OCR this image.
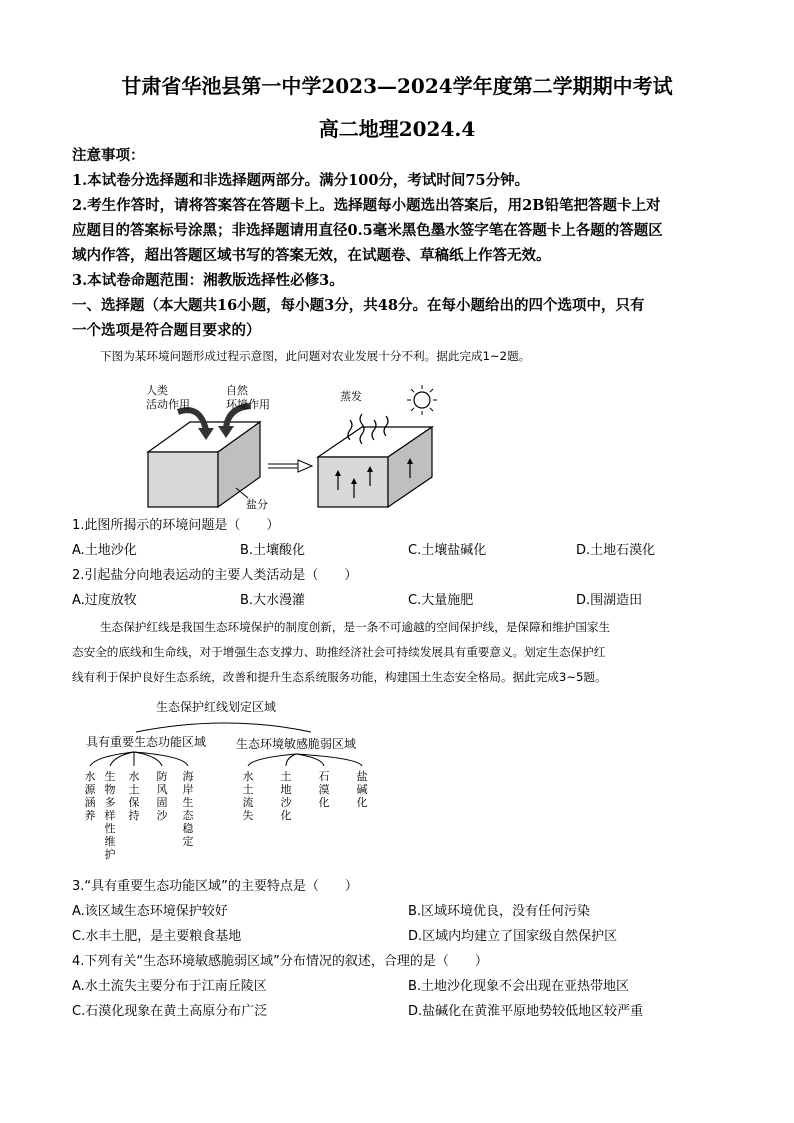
甘肃省华池县第一中学2023—2024学年度第二学期期中考试
高二地理2024.4
注意事项：
1.本试卷分选择题和非选择题两部分。满分100分，考试时间75分钟。
2.考生作答时，请将答案答在答题卡上。选择题每小题选出答案后，用2B铅笔把答题卡上对
应题目的答案标号涂黑；非选择题请用直径0.5毫米黑色墨水签字笔在答题卡上各题的答题区
域内作答，超出答题区域书写的答案无效，在试题卷、草稿纸上作答无效。
3.本试卷命题范围：湘教版选择性必修3。
一、选择题（本大题共16小题，每小题3分，共48分。在每小题给出的四个选项中，只有
一个选项是符合题目要求的）
下图为某环境问题形成过程示意图，此问题对农业发展十分不利。据此完成1~2题。
人类
活动作用
自然
环境作用
盐分
蒸发
1.此图所揭示的环境问题是（　　）
A.土地沙化	B.土壤酸化	C.土壤盐碱化	D.土地石漠化
2.引起盐分向地表运动的主要人类活动是（　　）
A.过度放牧	B.大水漫灌	C.大量施肥	D.围湖造田
生态保护红线是我国生态环境保护的制度创新，是一条不可逾越的空间保护线，是保障和维护国家生
态安全的底线和生命线，对于增强生态支撑力、助推经济社会可持续发展具有重要意义。划定生态保护红
线有利于保护良好生态系统，改善和提升生态系统服务功能，构建国土生态安全格局。据此完成3~5题。
生态保护红线划定区域
具有重要生态功能区域 生态环境敏感脆弱区域
水源涵养
生物多样性维护
水土保持
防风固沙
海岸生态稳定
水土流失
土地沙化
石漠化
盐碱化
3.“具有重要生态功能区域”的主要特点是（　　）
A.该区域生态环境保护较好	B.区域环境优良，没有任何污染
C.水丰土肥，是主要粮食基地	D.区域内均建立了国家级自然保护区
4.下列有关“生态环境敏感脆弱区域”分布情况的叙述，合理的是（　　）
A.水土流失主要分布于江南丘陵区	B.土地沙化现象不会出现在亚热带地区
C.石漠化现象在黄土高原分布广泛	D.盐碱化在黄淮平原地势较低地区较严重
